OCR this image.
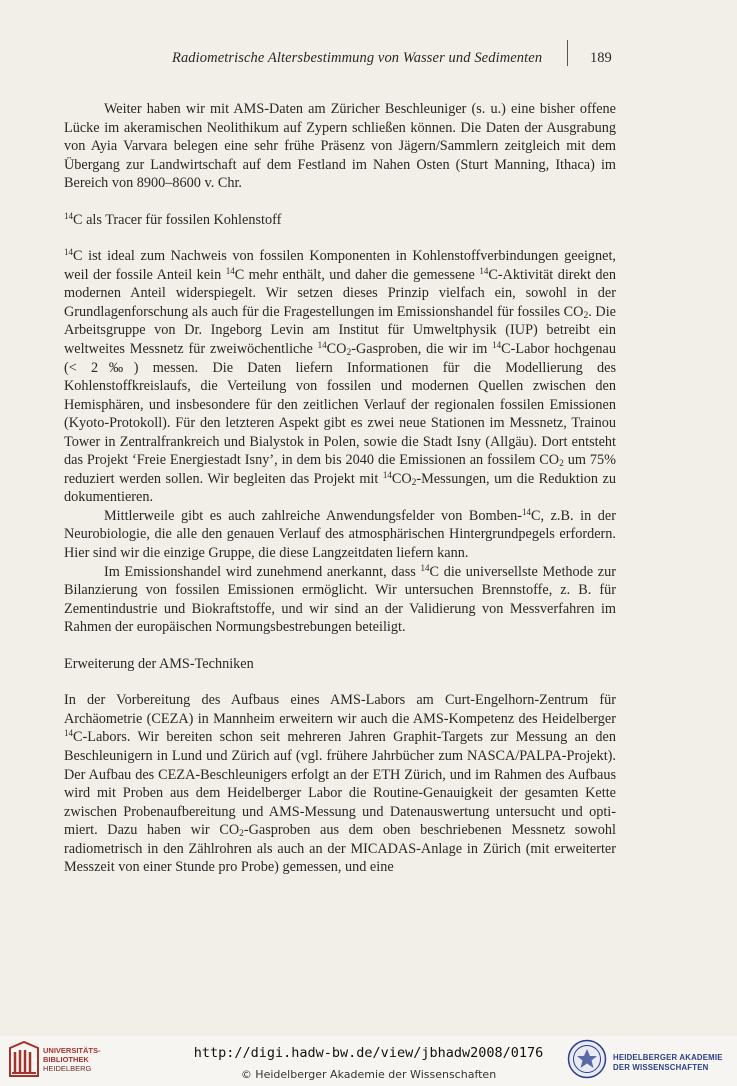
Radiometrische Altersbestimmung von Wasser und Sedimenten	189

Weiter haben wir mit AMS-Daten am Züricher Beschleuniger (s. u.) eine bisher offene Lücke im akeramischen Neolithikum auf Zypern schließen können. Die Daten der Ausgrabung von Ayia Varvara belegen eine sehr frühe Präsenz von Jägern/Sammlern zeitgleich mit dem Übergang zur Landwirtschaft auf dem Festland im Nahen Osten (Sturt Manning, Ithaca) im Bereich von 8900–8600 v. Chr.

$^{14}$C als Tracer für fossilen Kohlenstoff

$^{14}$C ist ideal zum Nachweis von fossilen Komponenten in Kohlenstoffverbindungen geeignet, weil der fossile Anteil kein $^{14}$C mehr enthält, und daher die gemessene $^{14}$C-Aktivität direkt den modernen Anteil widerspiegelt. Wir setzen dieses Prinzip vielfach ein, sowohl in der Grundlagenforschung als auch für die Fragestellungen im Emissionshandel für fossiles $CO_2$. Die Arbeitsgruppe von Dr. Ingeborg Levin am Institut für Umweltphysik (IUP) betreibt ein weltweites Messnetz für zweiwöchentliche $^{14}CO_2$-Gasproben, die wir im $^{14}$C-Labor hochgenau (< 2‰) messen. Die Daten liefern Informationen für die Modellierung des Kohlenstoffkreislaufs, die Verteilung von fossilen und modernen Quellen zwischen den Hemisphären, und insbesondere für den zeitlichen Verlauf der regionalen fossilen Emissionen (Kyoto-Protokoll). Für den letzteren Aspekt gibt es zwei neue Stationen im Messnetz, Trainou Tower in Zentralfrankreich und Bialystok in Polen, sowie die Stadt Isny (Allgäu). Dort entsteht das Projekt ‘Freie Energiestadt Isny’, in dem bis 2040 die Emissionen an fossilem $CO_2$ um 75% reduziert werden sollen. Wir begleiten das Projekt mit $^{14}CO_2$-Messungen, um die Reduktion zu dokumentieren.

Mittlerweile gibt es auch zahlreiche Anwendungsfelder von Bomben-$^{14}$C, z.B. in der Neurobiologie, die alle den genauen Verlauf des atmosphärischen Hintergrundpegels erfordern. Hier sind wir die einzige Gruppe, die diese Langzeitdaten liefern kann.

Im Emissionshandel wird zunehmend anerkannt, dass $^{14}$C die universellste Methode zur Bilanzierung von fossilen Emissionen ermöglicht. Wir untersuchen Brennstoffe, z. B. für Zementindustrie und Biokraftstoffe, und wir sind an der Validierung von Messverfahren im Rahmen der europäischen Normungsbestrebungen beteiligt.

Erweiterung der AMS-Techniken

In der Vorbereitung des Aufbaus eines AMS-Labors am Curt-Engelhorn-Zentrum für Archäometrie (CEZA) in Mannheim erweitern wir auch die AMS-Kompetenz des Heidelberger $^{14}$C-Labors. Wir bereiten schon seit mehreren Jahren Graphit-Targets zur Messung an den Beschleunigern in Lund und Zürich auf (vgl. frühere Jahrbücher zum NASCA/PALPA-Projekt). Der Aufbau des CEZA-Beschleunigers erfolgt an der ETH Zürich, und im Rahmen des Aufbaus wird mit Proben aus dem Heidelberger Labor die Routine-Genauigkeit der gesamten Kette zwischen Probenaufbereitung und AMS-Messung und Datenauswertung untersucht und optimiert. Dazu haben wir $CO_2$-Gasproben aus dem oben beschriebenen Messnetz sowohl radiometrisch in den Zählrohren als auch an der MICADAS-Anlage in Zürich (mit erweiterter Messzeit von einer Stunde pro Probe) gemessen, und eine

UNIVERSITÄTS-
BIBLIOTHEK
HEIDELBERG
http://digi.hadw-bw.de/view/jbhadw2008/0176
© Heidelberger Akademie der Wissenschaften
HEIDELBERGER AKADEMIE
DER WISSENSCHAFTEN
